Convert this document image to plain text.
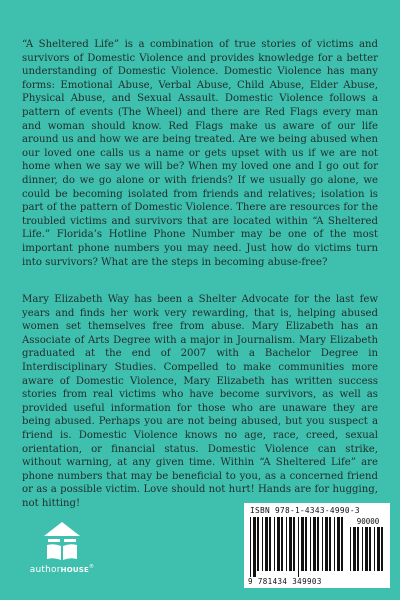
“A Sheltered Life” is a combination of true stories of victims and survivors of Domestic Violence and provides knowledge for a better understanding of Domestic Violence. Domestic Violence has many forms: Emotional Abuse, Verbal Abuse, Child Abuse, Elder Abuse, Physical Abuse, and Sexual Assault. Domestic Violence follows a pattern of events (The Wheel) and there are Red Flags every man and woman should know. Red Flags make us aware of our life around us and how we are being treated. Are we being abused when our loved one calls us a name or gets upset with us if we are not home when we say we will be? When my loved one and I go out for dinner, do we go alone or with friends? If we usually go alone, we could be becoming isolated from friends and relatives; isolation is part of the pattern of Domestic Violence. There are resources for the troubled victims and survivors that are located within “A Sheltered Life.” Florida’s Hotline Phone Number may be one of the most important phone numbers you may need. Just how do victims turn into survivors? What are the steps in becoming abuse-free?

Mary Elizabeth Way has been a Shelter Advocate for the last few years and finds her work very rewarding, that is, helping abused women set themselves free from abuse. Mary Elizabeth has an Associate of Arts Degree with a major in Journalism. Mary Elizabeth graduated at the end of 2007 with a Bachelor Degree in Interdisciplinary Studies. Compelled to make communities more aware of Domestic Violence, Mary Elizabeth has written success stories from real victims who have become survivors, as well as provided useful information for those who are unaware they are being abused. Perhaps you are not being abused, but you suspect a friend is. Domestic Violence knows no age, race, creed, sexual orientation, or financial status. Domestic Violence can strike, without warning, at any given time. Within “A Sheltered Life” are phone numbers that may be beneficial to you, as a concerned friend or as a possible victim. Love should not hurt! Hands are for hugging, not hitting!

authorHOUSE®
ISBN 978-1-4343-4990-3
90000
9 781434 349903
